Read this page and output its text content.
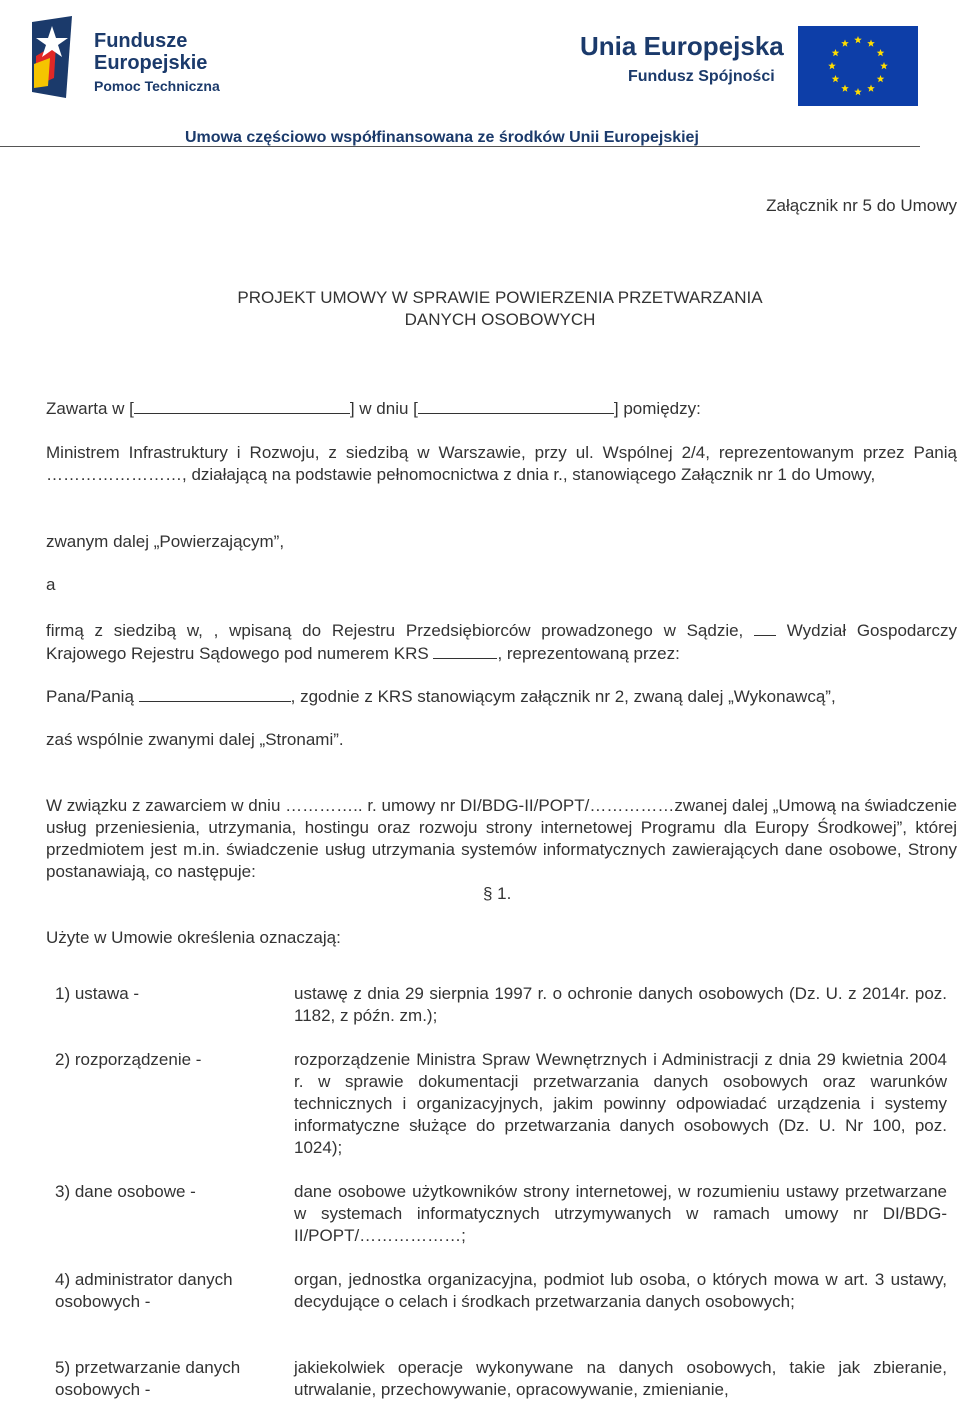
Fundusze
Europejskie
Pomoc Techniczna
Unia Europejska
Fundusz Spójności
Umowa częściowo współfinansowana ze środków Unii Europejskiej
Załącznik nr 5 do Umowy
PROJEKT UMOWY W SPRAWIE POWIERZENIA PRZETWARZANIA
DANYCH OSOBOWYCH
Zawarta w [	] w dniu [	] pomiędzy:
Ministrem Infrastruktury i Rozwoju, z siedzibą w Warszawie, przy ul. Wspólnej 2/4, reprezentowanym przez Panią ……………………, działającą na podstawie pełnomocnictwa z dnia r., stanowiącego Załącznik nr 1 do Umowy,
zwanym dalej „Powierzającym”,
a
firmą z siedzibą w, , wpisaną do Rejestru Przedsiębiorców prowadzonego w Sądzie,  Wydział Gospodarczy Krajowego Rejestru Sądowego pod numerem KRS	, reprezentowaną przez:
Pana/Panią	, zgodnie z KRS stanowiącym załącznik nr 2, zwaną dalej „Wykonawcą”,
zaś wspólnie zwanymi dalej „Stronami”.
W związku z zawarciem w dniu ………….. r. umowy nr DI/BDG-II/POPT/……………zwanej dalej „Umową na świadczenie usług przeniesienia, utrzymania, hostingu oraz rozwoju strony internetowej Programu dla Europy Środkowej”, której przedmiotem jest m.in. świadczenie usług utrzymania systemów informatycznych zawierających dane osobowe, Strony postanawiają, co następuje:
§ 1.
Użyte w Umowie określenia oznaczają:
1) ustawa -	ustawę z dnia 29 sierpnia 1997 r. o ochronie danych osobowych (Dz. U. z 2014r. poz. 1182, z późn. zm.);
2) rozporządzenie -	rozporządzenie Ministra Spraw Wewnętrznych i Administracji z dnia 29 kwietnia 2004 r. w sprawie dokumentacji przetwarzania danych osobowych oraz warunków technicznych i organizacyjnych, jakim powinny odpowiadać urządzenia i systemy informatyczne służące do przetwarzania danych osobowych (Dz. U. Nr 100, poz. 1024);
3) dane osobowe -	dane osobowe użytkowników strony internetowej, w rozumieniu ustawy przetwarzane w systemach informatycznych utrzymywanych w ramach umowy nr DI/BDG-II/POPT/………………;
4) administrator danych osobowych -
organ, jednostka organizacyjna, podmiot lub osoba, o których mowa w art. 3 ustawy, decydujące o celach i środkach przetwarzania danych osobowych;
5) przetwarzanie danych osobowych -
jakiekolwiek operacje wykonywane na danych osobowych, takie jak zbieranie, utrwalanie, przechowywanie, opracowywanie, zmienianie,
